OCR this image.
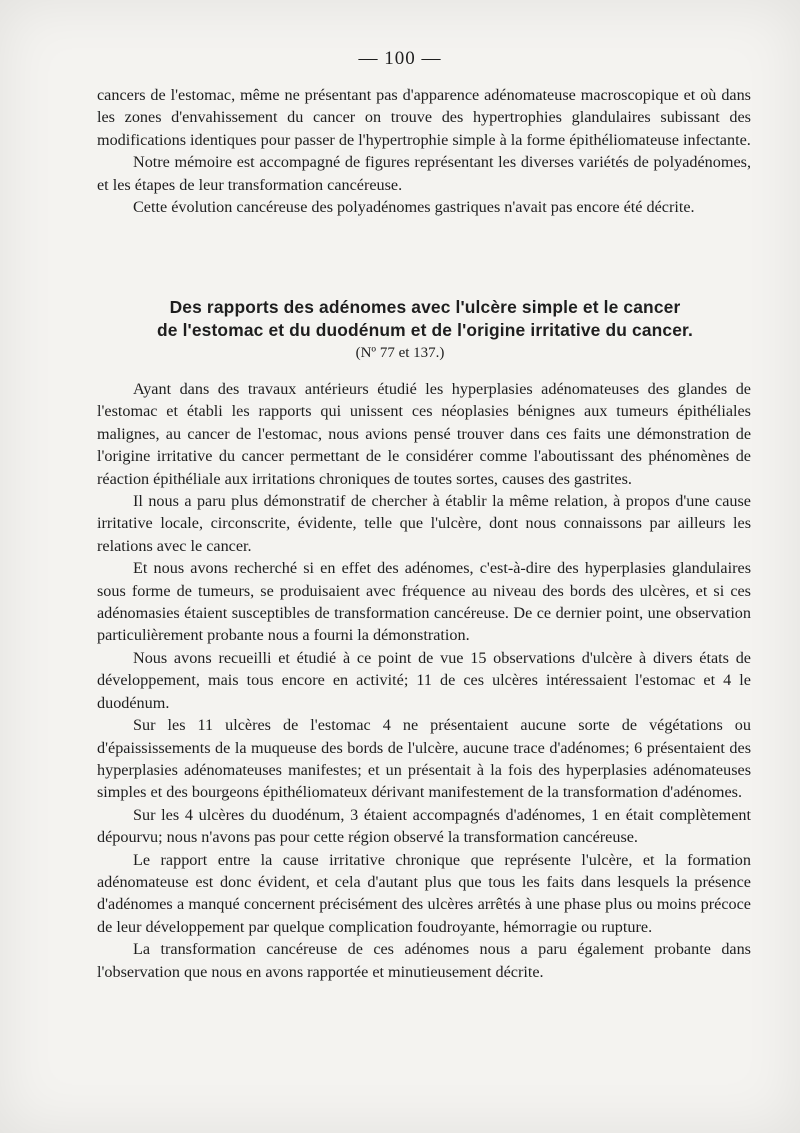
— 100 —

cancers de l'estomac, même ne présentant pas d'apparence adénomateuse macroscopique et où dans les zones d'envahissement du cancer on trouve des hypertrophies glandulaires subissant des modifications identiques pour passer de l'hypertrophie simple à la forme épithéliomateuse infectante.

Notre mémoire est accompagné de figures représentant les diverses variétés de polyadénomes, et les étapes de leur transformation cancéreuse.

Cette évolution cancéreuse des polyadénomes gastriques n'avait pas encore été décrite.

Des rapports des adénomes avec l'ulcère simple et le cancer
de l'estomac et du duodénum et de l'origine irritative du cancer.
(Nº 77 et 137.)

Ayant dans des travaux antérieurs étudié les hyperplasies adénomateuses des glandes de l'estomac et établi les rapports qui unissent ces néoplasies bénignes aux tumeurs épithéliales malignes, au cancer de l'estomac, nous avions pensé trouver dans ces faits une démonstration de l'origine irritative du cancer permettant de le considérer comme l'aboutissant des phénomènes de réaction épithéliale aux irritations chroniques de toutes sortes, causes des gastrites.

Il nous a paru plus démonstratif de chercher à établir la même relation, à propos d'une cause irritative locale, circonscrite, évidente, telle que l'ulcère, dont nous connaissons par ailleurs les relations avec le cancer.

Et nous avons recherché si en effet des adénomes, c'est-à-dire des hyperplasies glandulaires sous forme de tumeurs, se produisaient avec fréquence au niveau des bords des ulcères, et si ces adénomasies étaient susceptibles de transformation cancéreuse. De ce dernier point, une observation particulièrement probante nous a fourni la démonstration.

Nous avons recueilli et étudié à ce point de vue 15 observations d'ulcère à divers états de développement, mais tous encore en activité; 11 de ces ulcères intéressaient l'estomac et 4 le duodénum.

Sur les 11 ulcères de l'estomac 4 ne présentaient aucune sorte de végétations ou d'épaississements de la muqueuse des bords de l'ulcère, aucune trace d'adénomes; 6 présentaient des hyperplasies adénomateuses manifestes; et un présentait à la fois des hyperplasies adénomateuses simples et des bourgeons épithéliomateux dérivant manifestement de la transformation d'adénomes.

Sur les 4 ulcères du duodénum, 3 étaient accompagnés d'adénomes, 1 en était complètement dépourvu; nous n'avons pas pour cette région observé la transformation cancéreuse.

Le rapport entre la cause irritative chronique que représente l'ulcère, et la formation adénomateuse est donc évident, et cela d'autant plus que tous les faits dans lesquels la présence d'adénomes a manqué concernent précisément des ulcères arrêtés à une phase plus ou moins précoce de leur développement par quelque complication foudroyante, hémorragie ou rupture.

La transformation cancéreuse de ces adénomes nous a paru également probante dans l'observation que nous en avons rapportée et minutieusement décrite.
